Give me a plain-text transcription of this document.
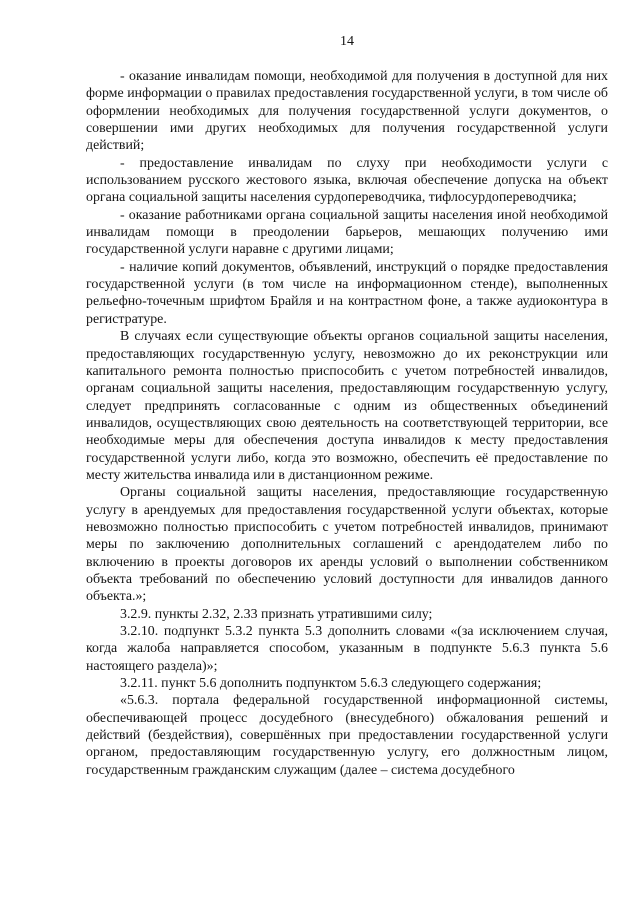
14

- оказание инвалидам помощи, необходимой для получения в доступной для них форме информации о правилах предоставления государственной услуги, в том числе об оформлении необходимых для получения государственной услуги документов, о совершении ими других необходимых для получения государственной услуги действий;

- предоставление инвалидам по слуху при необходимости услуги с использованием русского жестового языка, включая обеспечение допуска на объект органа социальной защиты населения сурдопереводчика, тифлосурдопереводчика;

- оказание работниками органа социальной защиты населения иной необходимой инвалидам помощи в преодолении барьеров, мешающих получению ими государственной услуги наравне с другими лицами;

- наличие копий документов, объявлений, инструкций о порядке предоставления государственной услуги (в том числе на информационном стенде), выполненных рельефно-точечным шрифтом Брайля и на контрастном фоне, а также аудиоконтура в регистратуре.

В случаях если существующие объекты органов социальной защиты населения, предоставляющих государственную услугу, невозможно до их реконструкции или капитального ремонта полностью приспособить с учетом потребностей инвалидов, органам социальной защиты населения, предоставляющим государственную услугу, следует предпринять согласованные с одним из общественных объединений инвалидов, осуществляющих свою деятельность на соответствующей территории, все необходимые меры для обеспечения доступа инвалидов к месту предоставления государственной услуги либо, когда это возможно, обеспечить её предоставление по месту жительства инвалида или в дистанционном режиме.

Органы социальной защиты населения, предоставляющие государственную услугу в арендуемых для предоставления государственной услуги объектах, которые невозможно полностью приспособить с учетом потребностей инвалидов, принимают меры по заключению дополнительных соглашений с арендодателем либо по включению в проекты договоров их аренды условий о выполнении собственником объекта требований по обеспечению условий доступности для инвалидов данного объекта.»;

3.2.9. пункты 2.32, 2.33 признать утратившими силу;

3.2.10. подпункт 5.3.2 пункта 5.3 дополнить словами «(за исключением случая, когда жалоба направляется способом, указанным в подпункте 5.6.3 пункта 5.6 настоящего раздела)»;

3.2.11. пункт 5.6 дополнить подпунктом 5.6.3 следующего содержания;

«5.6.3. портала федеральной государственной информационной системы, обеспечивающей процесс досудебного (внесудебного) обжалования решений и действий (бездействия), совершённых при предоставлении государственной услуги органом, предоставляющим государственную услугу, его должностным лицом, государственным гражданским служащим (далее – система досудебного
